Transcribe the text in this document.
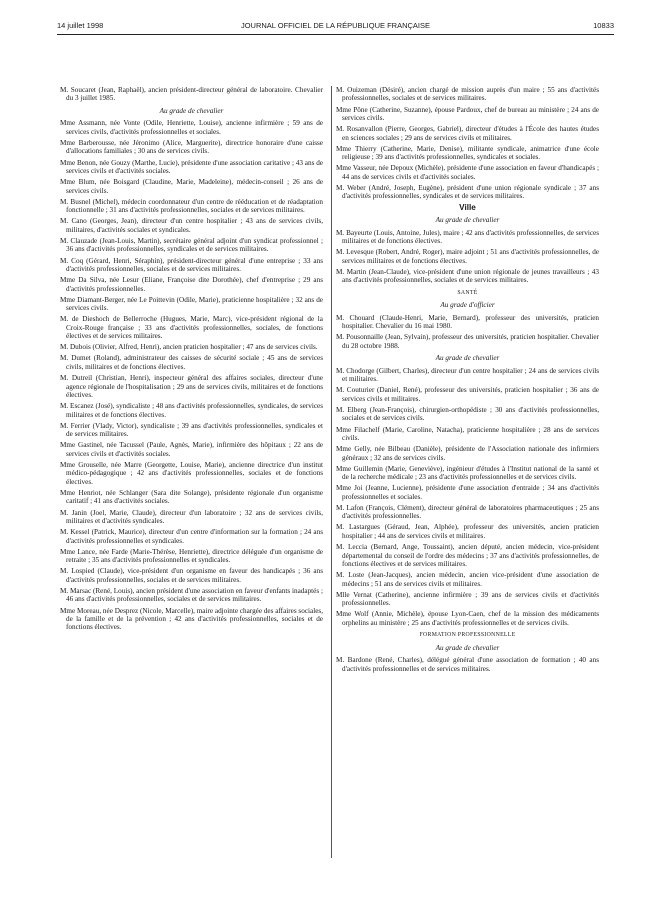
14 juillet 1998	JOURNAL OFFICIEL DE LA RÉPUBLIQUE FRANÇAISE	10833
M. Soucaret (Jean, Raphaël), ancien président-directeur général de laboratoire. Chevalier du 3 juillet 1985.
Au grade de chevalier
Mme Assmann, née Vonte (Odile, Henriette, Louise), ancienne infirmière ; 59 ans de services civils, d'activités professionnelles et sociales.
Mme Barberousse, née Jéronimo (Alice, Marguerite), directrice honoraire d'une caisse d'allocations familiales ; 30 ans de services civils.
Mme Benon, née Gouzy (Marthe, Lucie), présidente d'une association caritative ; 43 ans de services civils et d'activités sociales.
Mme Blum, née Boisgard (Claudine, Marie, Madeleine), médecin-conseil ; 26 ans de services civils.
M. Busnel (Michel), médecin coordonnateur d'un centre de rééducation et de réadaptation fonctionnelle ; 31 ans d'activités professionnelles, sociales et de services militaires.
M. Cano (Georges, Jean), directeur d'un centre hospitalier ; 43 ans de services civils, militaires, d'activités sociales et syndicales.
M. Clauzade (Jean-Louis, Martin), secrétaire général adjoint d'un syndicat professionnel ; 36 ans d'activités professionnelles, syndicales et de services militaires.
M. Coq (Gérard, Henri, Séraphin), président-directeur général d'une entreprise ; 33 ans d'activités professionnelles, sociales et de services militaires.
Mme Da Silva, née Lesur (Eliane, Françoise dite Dorothée), chef d'entreprise ; 29 ans d'activités professionnelles.
Mme Diamant-Berger, née Le Poittevin (Odile, Marie), praticienne hospitalière ; 32 ans de services civils.
M. de Dieshoch de Bellerroche (Hugues, Marie, Marc), vice-président régional de la Croix-Rouge française ; 33 ans d'activités professionnelles, sociales, de fonctions électives et de services militaires.
M. Dubois (Olivier, Alfred, Henri), ancien praticien hospitalier ; 47 ans de services civils.
M. Dumet (Roland), administrateur des caisses de sécurité sociale ; 45 ans de services civils, militaires et de fonctions électives.
M. Dutreil (Christian, Henri), inspecteur général des affaires sociales, directeur d'une agence régionale de l'hospitalisation ; 29 ans de services civils, militaires et de fonctions électives.
M. Escanez (José), syndicaliste ; 48 ans d'activités professionnelles, syndicales, de services militaires et de fonctions électives.
M. Ferrier (Vlady, Victor), syndicaliste ; 39 ans d'activités professionnelles, syndicales et de services militaires.
Mme Gastinel, née Tacussel (Paule, Agnès, Marie), infirmière des hôpitaux ; 22 ans de services civils et d'activités sociales.
Mme Grouselle, née Marre (Georgette, Louise, Marie), ancienne directrice d'un institut médico-pédagogique ; 42 ans d'activités professionnelles, sociales et de fonctions électives.
Mme Henriot, née Schlanger (Sara dite Solange), présidente régionale d'un organisme caritatif ; 41 ans d'activités sociales.
M. Janin (Joel, Marie, Claude), directeur d'un laboratoire ; 32 ans de services civils, militaires et d'activités syndicales.
M. Kessel (Patrick, Maurice), directeur d'un centre d'information sur la formation ; 24 ans d'activités professionnelles et syndicales.
Mme Lance, née Farde (Marie-Thérèse, Henriette), directrice déléguée d'un organisme de retraite ; 35 ans d'activités professionnelles et syndicales.
M. Lospied (Claude), vice-président d'un organisme en faveur des handicapés ; 36 ans d'activités professionnelles, sociales et de services militaires.
M. Marsac (René, Louis), ancien président d'une association en faveur d'enfants inadaptés ; 46 ans d'activités professionnelles, sociales et de services militaires.
Mme Moreau, née Desprez (Nicole, Marcelle), maire adjointe chargée des affaires sociales, de la famille et de la prévention ; 42 ans d'activités professionnelles, sociales et de fonctions électives.
M. Ouizeman (Désiré), ancien chargé de mission auprès d'un maire ; 55 ans d'activités professionnelles, sociales et de services militaires.
Mme Pône (Catherine, Suzanne), épouse Pardoux, chef de bureau au ministère ; 24 ans de services civils.
M. Rosanvallon (Pierre, Georges, Gabriel), directeur d'études à l'École des hautes études en sciences sociales ; 29 ans de services civils et militaires.
Mme Thierry (Catherine, Marie, Denise), militante syndicale, animatrice d'une école religieuse ; 39 ans d'activités professionnelles, syndicales et sociales.
Mme Vasseur, née Depoux (Michèle), présidente d'une association en faveur d'handicapés ; 44 ans de services civils et d'activités sociales.
M. Weber (André, Joseph, Eugène), président d'une union régionale syndicale ; 37 ans d'activités professionnelles, syndicales et de services militaires.
Ville
Au grade de chevalier
M. Bayeurte (Louis, Antoine, Jules), maire ; 42 ans d'activités professionnelles, de services militaires et de fonctions électives.
M. Levesque (Robert, André, Roger), maire adjoint ; 51 ans d'activités professionnelles, de services militaires et de fonctions électives.
M. Martin (Jean-Claude), vice-président d'une union régionale de jeunes travailleurs ; 43 ans d'activités professionnelles, sociales et de services militaires.
SANTÉ
Au grade d'officier
M. Chouard (Claude-Henri, Marie, Bernard), professeur des universités, praticien hospitalier. Chevalier du 16 mai 1980.
M. Pousonnaille (Jean, Sylvain), professeur des universités, praticien hospitalier. Chevalier du 28 octobre 1988.
Au grade de chevalier
M. Chodorge (Gilbert, Charles), directeur d'un centre hospitalier ; 24 ans de services civils et militaires.
M. Couturier (Daniel, René), professeur des universités, praticien hospitalier ; 36 ans de services civils et militaires.
M. Elberg (Jean-François), chirurgien-orthopédiste ; 30 ans d'activités professionnelles, sociales et de services civils.
Mme Filachelf (Marie, Caroline, Natacha), praticienne hospitalière ; 28 ans de services civils.
Mme Gelly, née Bilbeau (Danièle), présidente de l'Association nationale des infirmiers généraux ; 32 ans de services civils.
Mme Guillemin (Marie, Geneviève), ingénieur d'études à l'Institut national de la santé et de la recherche médicale ; 23 ans d'activités professionnelles et de services civils.
Mme Joi (Jeanne, Lucienne), présidente d'une association d'entraide ; 34 ans d'activités professionnelles et sociales.
M. Lafon (François, Clément), directeur général de laboratoires pharmaceutiques ; 25 ans d'activités professionnelles.
M. Lastargues (Géraud, Jean, Alphée), professeur des universités, ancien praticien hospitalier ; 44 ans de services civils et militaires.
M. Leccia (Bernard, Ange, Toussaint), ancien député, ancien médecin, vice-président départemental du conseil de l'ordre des médecins ; 37 ans d'activités professionnelles, de fonctions électives et de services militaires.
M. Loste (Jean-Jacques), ancien médecin, ancien vice-président d'une association de médecins ; 51 ans de services civils et militaires.
Mlle Vernat (Catherine), ancienne infirmière ; 39 ans de services civils et d'activités professionnelles.
Mme Wolf (Annie, Michèle), épouse Lyon-Caen, chef de la mission des médicaments orphelins au ministère ; 25 ans d'activités professionnelles et de services civils.
FORMATION PROFESSIONNELLE
Au grade de chevalier
M. Bardone (René, Charles), délégué général d'une association de formation ; 40 ans d'activités professionnelles et de services militaires.
